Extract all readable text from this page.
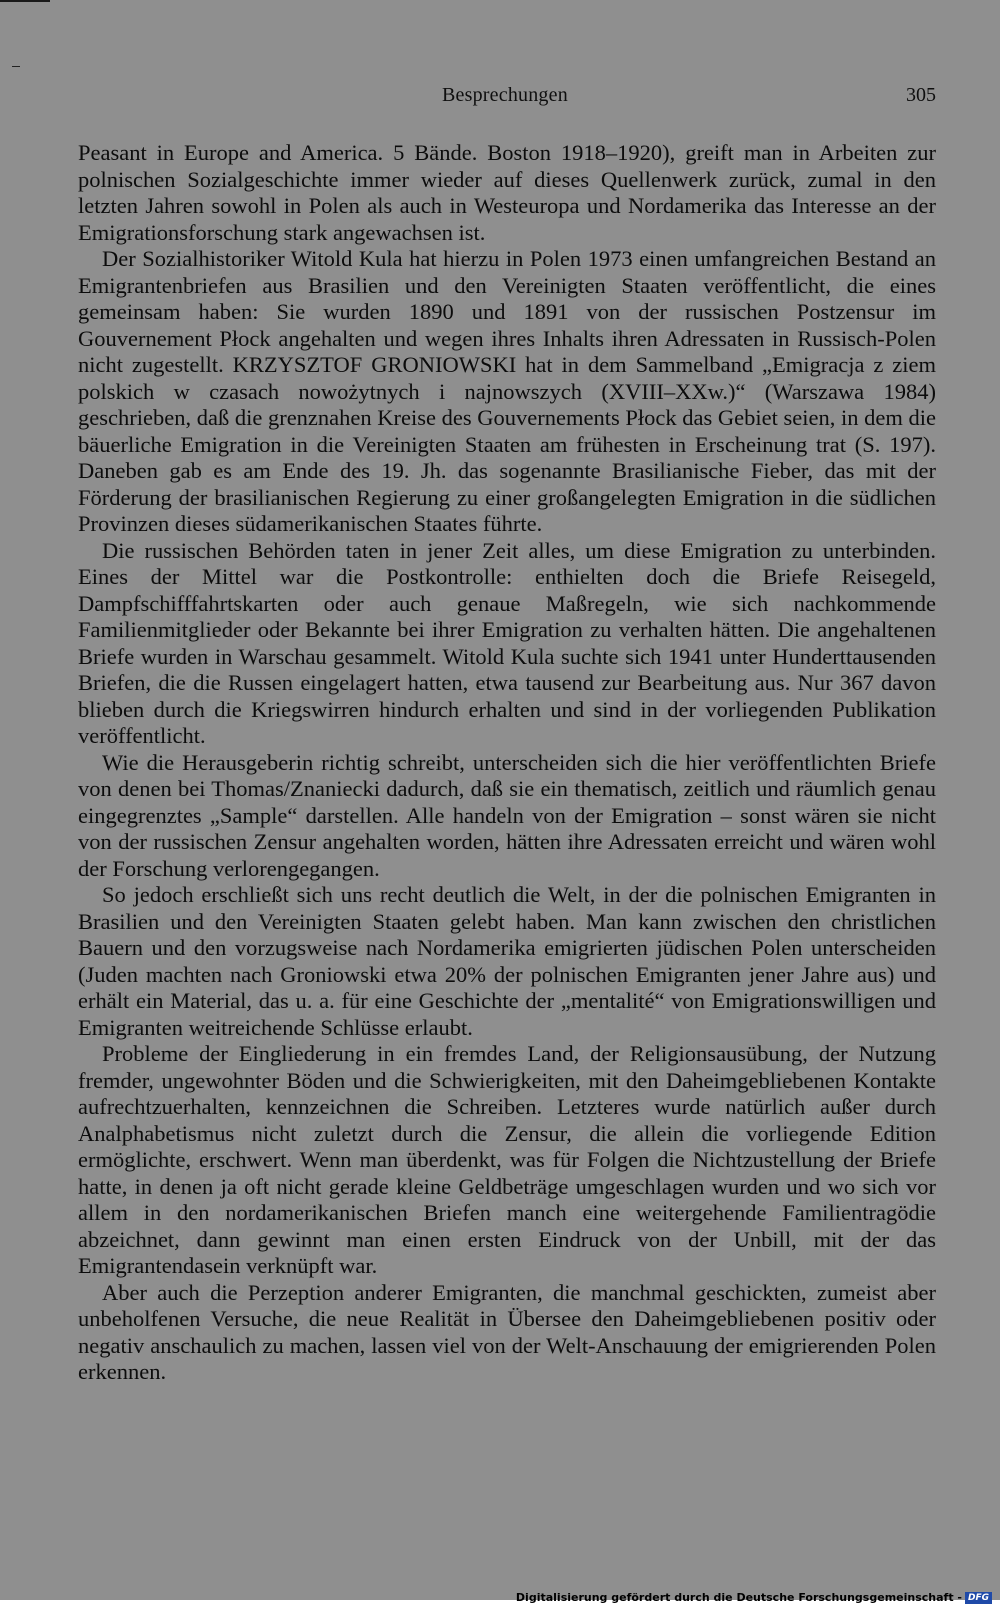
Besprechungen	305

Peasant in Europe and America. 5 Bände. Boston 1918–1920), greift man in Arbeiten zur polnischen Sozialgeschichte immer wieder auf dieses Quellenwerk zurück, zumal in den letzten Jahren sowohl in Polen als auch in Westeuropa und Nordamerika das Interesse an der Emigrationsforschung stark angewachsen ist.

Der Sozialhistoriker Witold Kula hat hierzu in Polen 1973 einen umfangreichen Bestand an Emigrantenbriefen aus Brasilien und den Vereinigten Staaten veröffentlicht, die eines gemeinsam haben: Sie wurden 1890 und 1891 von der russischen Postzensur im Gouvernement Płock angehalten und wegen ihres Inhalts ihren Adressaten in Russisch-Polen nicht zugestellt. KRZYSZTOF GRONIOWSKI hat in dem Sammelband „Emigracja z ziem polskich w czasach nowożytnych i najnowszych (XVIII–XXw.)“ (Warszawa 1984) geschrieben, daß die grenznahen Kreise des Gouvernements Płock das Gebiet seien, in dem die bäuerliche Emigration in die Vereinigten Staaten am frühesten in Erscheinung trat (S. 197). Daneben gab es am Ende des 19. Jh. das sogenannte Brasilianische Fieber, das mit der Förderung der brasilianischen Regierung zu einer großangelegten Emigration in die südlichen Provinzen dieses südamerikanischen Staates führte.

Die russischen Behörden taten in jener Zeit alles, um diese Emigration zu unterbinden. Eines der Mittel war die Postkontrolle: enthielten doch die Briefe Reisegeld, Dampfschifffahrtskarten oder auch genaue Maßregeln, wie sich nachkommende Familienmitglieder oder Bekannte bei ihrer Emigration zu verhalten hätten. Die angehaltenen Briefe wurden in Warschau gesammelt. Witold Kula suchte sich 1941 unter Hunderttausenden Briefen, die die Russen eingelagert hatten, etwa tausend zur Bearbeitung aus. Nur 367 davon blieben durch die Kriegswirren hindurch erhalten und sind in der vorliegenden Publikation veröffentlicht.

Wie die Herausgeberin richtig schreibt, unterscheiden sich die hier veröffentlichten Briefe von denen bei Thomas/Znaniecki dadurch, daß sie ein thematisch, zeitlich und räumlich genau eingegrenztes „Sample“ darstellen. Alle handeln von der Emigration – sonst wären sie nicht von der russischen Zensur angehalten worden, hätten ihre Adressaten erreicht und wären wohl der Forschung verlorengegangen.

So jedoch erschließt sich uns recht deutlich die Welt, in der die polnischen Emigranten in Brasilien und den Vereinigten Staaten gelebt haben. Man kann zwischen den christlichen Bauern und den vorzugsweise nach Nordamerika emigrierten jüdischen Polen unterscheiden (Juden machten nach Groniowski etwa 20% der polnischen Emigranten jener Jahre aus) und erhält ein Material, das u. a. für eine Geschichte der „mentalité“ von Emigrationswilligen und Emigranten weitreichende Schlüsse erlaubt.

Probleme der Eingliederung in ein fremdes Land, der Religionsausübung, der Nutzung fremder, ungewohnter Böden und die Schwierigkeiten, mit den Daheimgebliebenen Kontakte aufrechtzuerhalten, kennzeichnen die Schreiben. Letzteres wurde natürlich außer durch Analphabetismus nicht zuletzt durch die Zensur, die allein die vorliegende Edition ermöglichte, erschwert. Wenn man überdenkt, was für Folgen die Nichtzustellung der Briefe hatte, in denen ja oft nicht gerade kleine Geldbeträge umgeschlagen wurden und wo sich vor allem in den nordamerikanischen Briefen manch eine weitergehende Familientragödie abzeichnet, dann gewinnt man einen ersten Eindruck von der Unbill, mit der das Emigrantendasein verknüpft war.

Aber auch die Perzeption anderer Emigranten, die manchmal geschickten, zumeist aber unbeholfenen Versuche, die neue Realität in Übersee den Daheimgebliebenen positiv oder negativ anschaulich zu machen, lassen viel von der Welt-Anschauung der emigrierenden Polen erkennen.

Digitalisierung gefördert durch die Deutsche Forschungsgemeinschaft - DFG
